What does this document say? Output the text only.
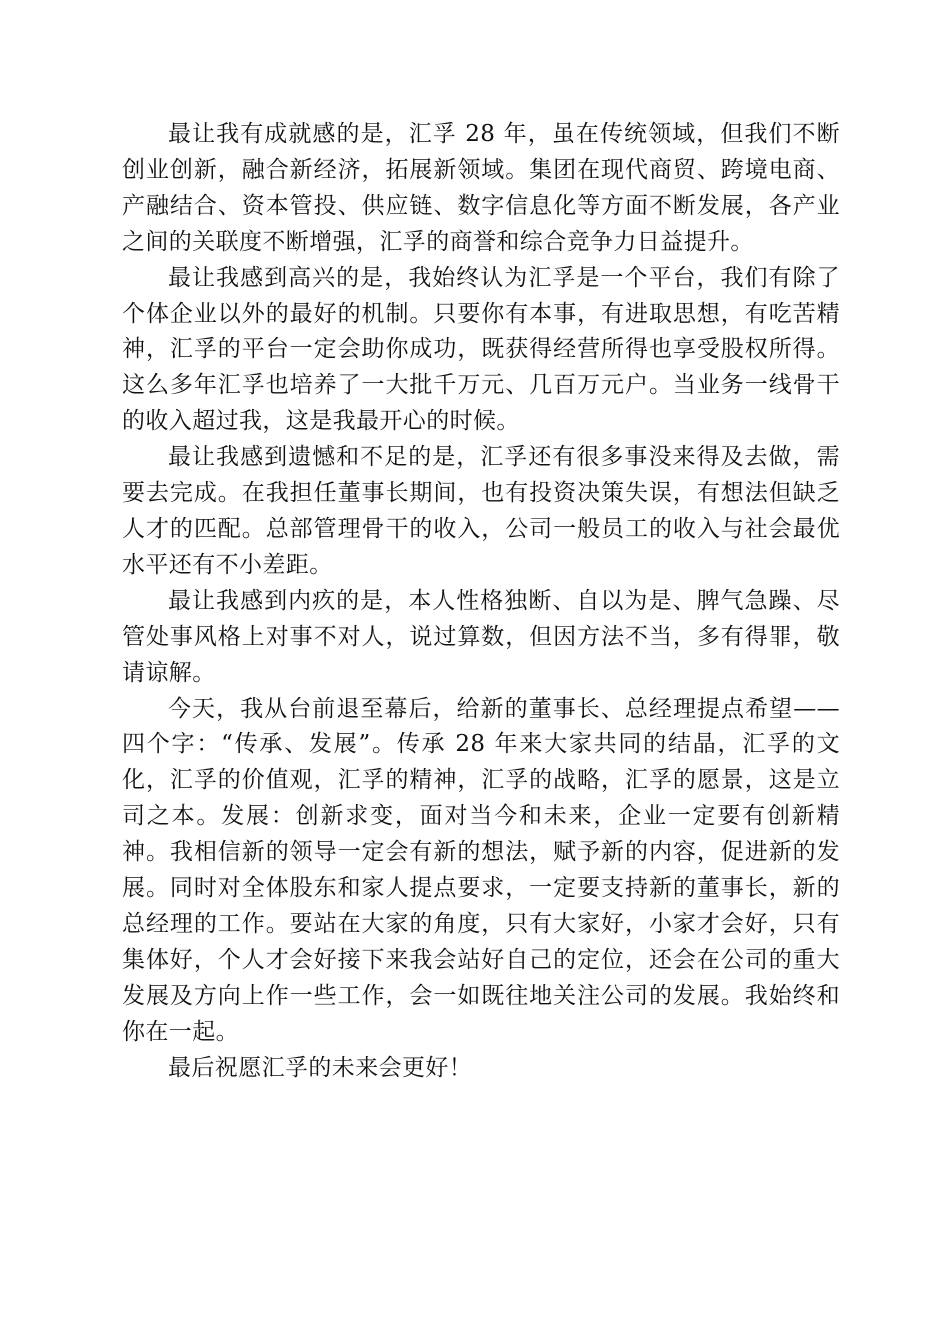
最让我有成就感的是，汇孚 28 年，虽在传统领域，但我们不断创业创新，融合新经济，拓展新领域。集团在现代商贸、跨境电商、产融结合、资本管投、供应链、数字信息化等方面不断发展，各产业之间的关联度不断增强，汇孚的商誉和综合竞争力日益提升。

最让我感到高兴的是，我始终认为汇孚是一个平台，我们有除了个体企业以外的最好的机制。只要你有本事，有进取思想，有吃苦精神，汇孚的平台一定会助你成功，既获得经营所得也享受股权所得。这么多年汇孚也培养了一大批千万元、几百万元户。当业务一线骨干的收入超过我，这是我最开心的时候。

最让我感到遗憾和不足的是，汇孚还有很多事没来得及去做，需要去完成。在我担任董事长期间，也有投资决策失误，有想法但缺乏人才的匹配。总部管理骨干的收入，公司一般员工的收入与社会最优水平还有不小差距。

最让我感到内疚的是，本人性格独断、自以为是、脾气急躁、尽管处事风格上对事不对人，说过算数，但因方法不当，多有得罪，敬请谅解。

今天，我从台前退至幕后，给新的董事长、总经理提点希望——四个字：“传承、发展”。传承 28 年来大家共同的结晶，汇孚的文化，汇孚的价值观，汇孚的精神，汇孚的战略，汇孚的愿景，这是立司之本。发展：创新求变，面对当今和未来，企业一定要有创新精神。我相信新的领导一定会有新的想法，赋予新的内容，促进新的发展。同时对全体股东和家人提点要求，一定要支持新的董事长，新的总经理的工作。要站在大家的角度，只有大家好，小家才会好，只有集体好，个人才会好接下来我会站好自己的定位，还会在公司的重大发展及方向上作一些工作，会一如既往地关注公司的发展。我始终和你在一起。

最后祝愿汇孚的未来会更好！
